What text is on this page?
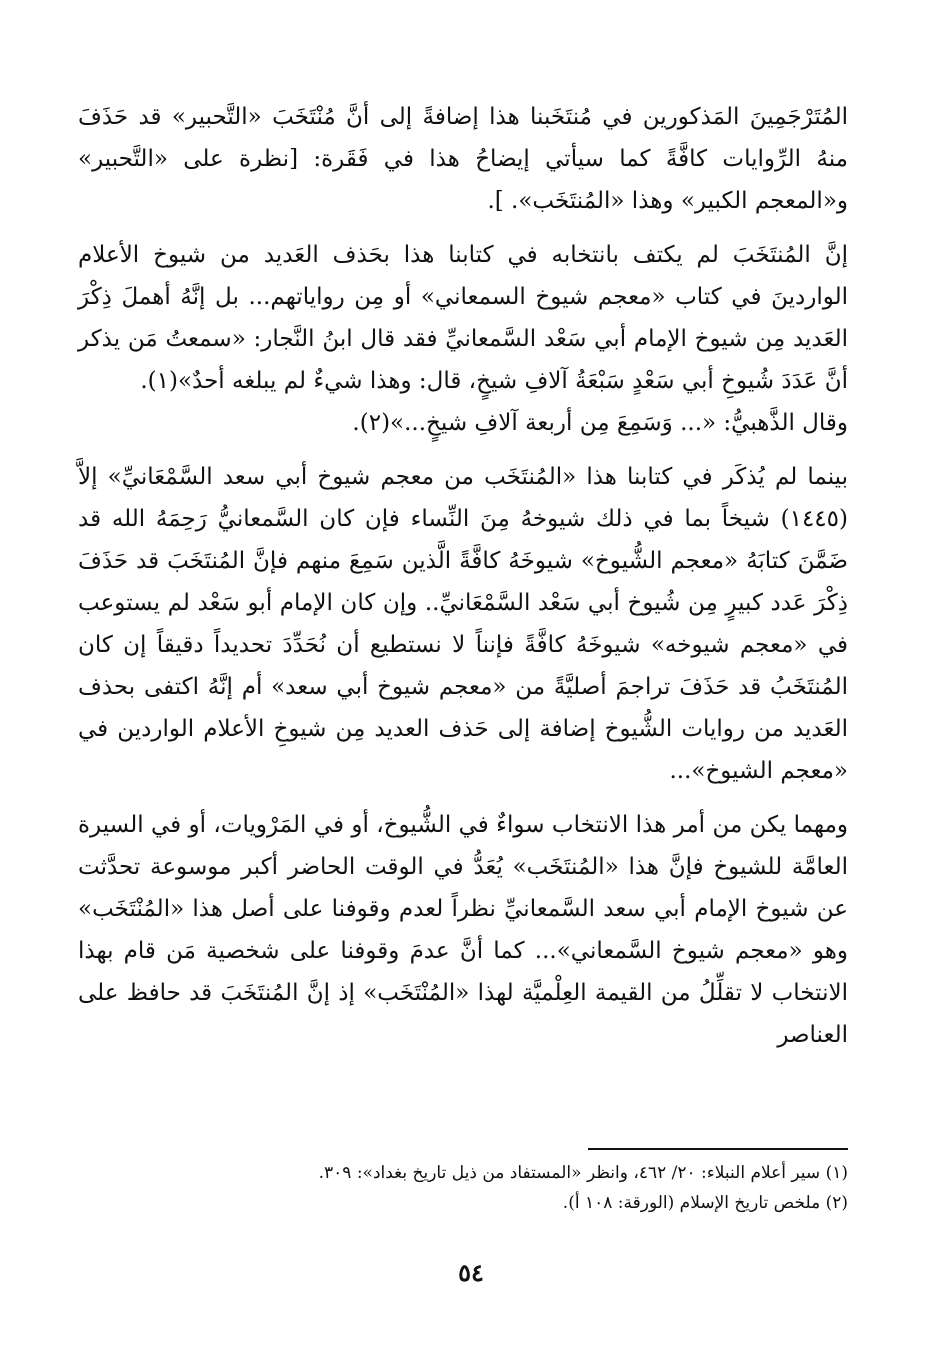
المُتَرْجَمِينَ المَذكورين في مُنتَخَبنا هذا إضافةً إلى أنَّ مُنْتَخَبَ «التَّحبير» قد حَذَفَ منهُ الرِّوايات كافَّةً كما سيأتي إيضاحُ هذا في فَقَرة: [نظرة على «التَّحبير» و«المعجم الكبير» وهذا «المُنتَخَب». ].

إنَّ المُنتَخَبَ لم يكتف بانتخابه في كتابنا هذا بحَذف العَديد من شيوخ الأعلام الواردينَ في كتاب «معجم شيوخ السمعاني» أو مِن رواياتهم... بل إنَّهُ أهملَ ذِكْرَ العَديد مِن شيوخ الإمام أبي سَعْد السَّمعانيِّ فقد قال ابنُ النَّجار: «سمعتُ مَن يذكر أنَّ عَدَدَ شُيوخِ أبي سَعْدٍ سَبْعَةُ آلافِ شيخٍ، قال: وهذا شيءٌ لم يبلغه أحدٌ»(١).

وقال الذَّهبيُّ: «... وَسَمِعَ مِن أربعة آلافِ شيخٍ...»(٢).

بينما لم يُذكَر في كتابنا هذا «المُنتَخَب من معجم شيوخ أبي سعد السَّمْعَانيِّ» إلاَّ (١٤٤٥) شيخاً بما في ذلك شيوخهُ مِنَ النِّساء فإن كان السَّمعانيُّ رَحِمَهُ الله قد ضَمَّنَ كتابَهُ «معجم الشُّيوخ» شيوخَهُ كافَّةً الَّذين سَمِعَ منهم فإنَّ المُنتَخَبَ قد حَذَفَ ذِكْرَ عَدد كبيرٍ مِن شُيوخ أبي سَعْد السَّمْعَانيِّ.. وإن كان الإمام أبو سَعْد لم يستوعب في «معجم شيوخه» شيوخَهُ كافَّةً فإنناً لا نستطيع أن نُحَدِّدَ تحديداً دقيقاً إن كان المُنتَخَبُ قد حَذَفَ تراجمَ أصليَّةً من «معجم شيوخ أبي سعد» أم إنَّهُ اكتفى بحذف العَديد من روايات الشُّيوخ إضافة إلى حَذف العديد مِن شيوخِ الأعلام الواردين في «معجم الشيوخ»...

ومهما يكن من أمر هذا الانتخاب سواءٌ في الشُّيوخ، أو في المَرْويات، أو في السيرة العامَّة للشيوخ فإنَّ هذا «المُنتَخَب» يُعَدُّ في الوقت الحاضر أكبر موسوعة تحدَّثت عن شيوخ الإمام أبي سعد السَّمعانيِّ نظراً لعدم وقوفنا على أصل هذا «المُنْتَخَب» وهو «معجم شيوخ السَّمعاني»... كما أنَّ عدمَ وقوفنا على شخصية مَن قام بهذا الانتخاب لا تقلِّلُ من القيمة العِلْميَّة لهذا «المُنْتَخَب» إذ إنَّ المُنتَخَبَ قد حافظ على العناصر

(١) سير أعلام النبلاء: ٢٠/ ٤٦٢، وانظر «المستفاد من ذيل تاريخ بغداد»: ٣٠٩.

(٢) ملخص تاريخ الإسلام (الورقة: ١٠٨ أ).

٥٤
